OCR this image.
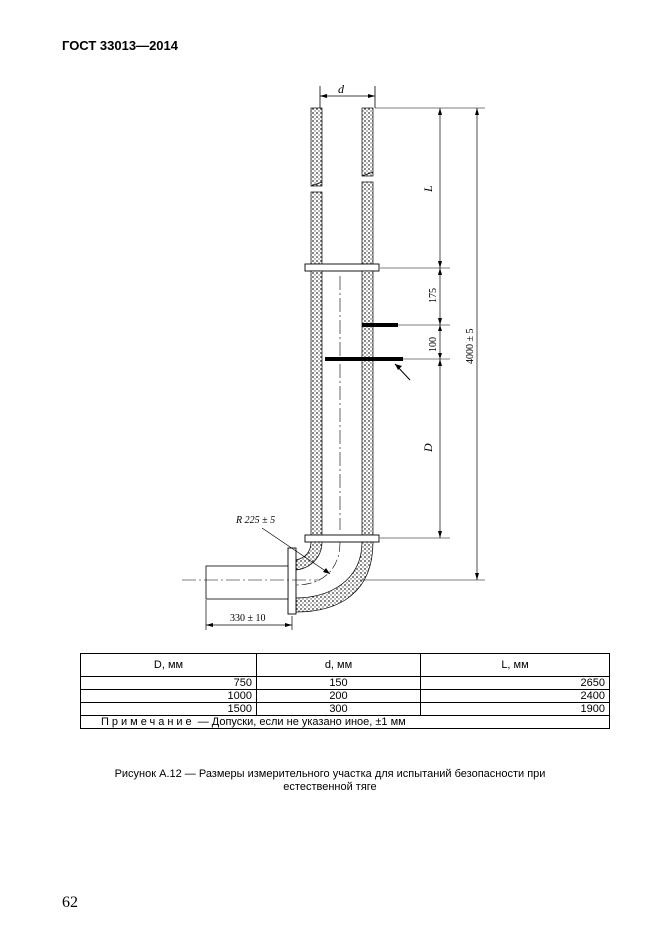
ГОСТ 33013—2014
d
R 225 ± 5
330 ± 10
L
175
100
D
4000 ± 5
D, мм	d, мм	L, мм
750	150	2650
1000	200	2400
1500	300	1900
Примечание — Допуски, если не указано иное, ±1 мм		
Рисунок А.12 — Размеры измерительного участка для испытаний безопасности при
естественной тяге
62
